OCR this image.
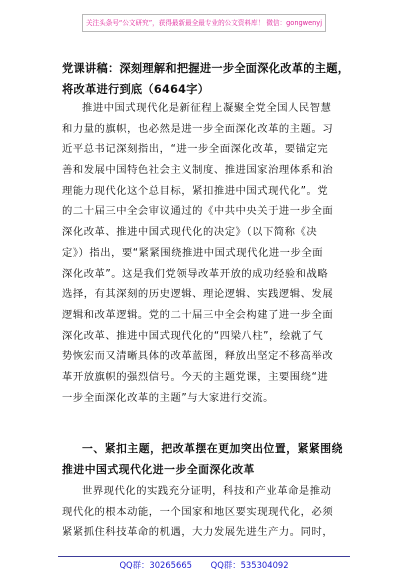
关注头条号“公文研究”，获得最新最全最专业的公文资料库！ 微信：gongwenyj
党课讲稿：深刻理解和把握进一步全面深化改革的主题，
将改革进行到底（6464字）
推进中国式现代化是新征程上凝聚全党全国人民智慧
和力量的旗帜，也必然是进一步全面深化改革的主题。习
近平总书记深刻指出，“进一步全面深化改革，要锚定完
善和发展中国特色社会主义制度、推进国家治理体系和治
理能力现代化这个总目标，紧扣推进中国式现代化”。党
的二十届三中全会审议通过的《中共中央关于进一步全面
深化改革、推进中国式现代化的决定》（以下简称《决
定》）指出，要“紧紧围绕推进中国式现代化进一步全面
深化改革”。这是我们党领导改革开放的成功经验和战略
选择，有其深刻的历史逻辑、理论逻辑、实践逻辑、发展
逻辑和改革逻辑。党的二十届三中全会构建了进一步全面
深化改革、推进中国式现代化的“四梁八柱”，绘就了气
势恢宏而又清晰具体的改革蓝图，释放出坚定不移高举改
革开放旗帜的强烈信号。今天的主题党课，主要围绕“进
一步全面深化改革的主题”与大家进行交流。
一、紧扣主题，把改革摆在更加突出位置，紧紧围绕
推进中国式现代化进一步全面深化改革
世界现代化的实践充分证明，科技和产业革命是推动
现代化的根本动能，一个国家和地区要实现现代化，必须
紧紧抓住科技革命的机遇，大力发展先进生产力。同时，
QQ群：30265665 QQ群：535304092
